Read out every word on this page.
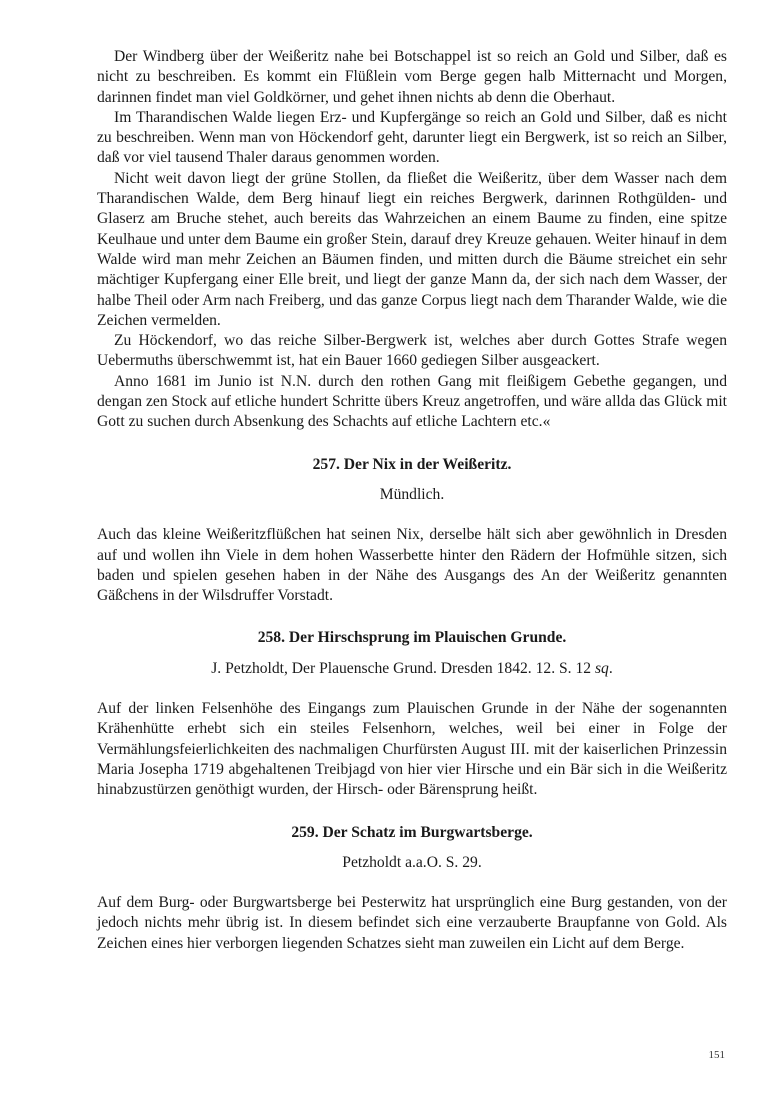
Der Windberg über der Weißeritz nahe bei Botschappel ist so reich an Gold und Silber, daß es nicht zu beschreiben. Es kommt ein Flüßlein vom Berge gegen halb Mitternacht und Morgen, darinnen findet man viel Goldkörner, und gehet ihnen nichts ab denn die Oberhaut.

Im Tharandischen Walde liegen Erz- und Kupfergänge so reich an Gold und Silber, daß es nicht zu beschreiben. Wenn man von Höckendorf geht, darunter liegt ein Bergwerk, ist so reich an Silber, daß vor viel tausend Thaler daraus genommen worden.

Nicht weit davon liegt der grüne Stollen, da fließet die Weißeritz, über dem Wasser nach dem Tharandischen Walde, dem Berg hinauf liegt ein reiches Bergwerk, darinnen Rothgülden- und Glaserz am Bruche stehet, auch bereits das Wahrzeichen an einem Baume zu finden, eine spitze Keulhaue und unter dem Baume ein großer Stein, darauf drey Kreuze gehauen. Weiter hinauf in dem Walde wird man mehr Zeichen an Bäumen finden, und mitten durch die Bäume streichet ein sehr mächtiger Kupfergang einer Elle breit, und liegt der ganze Mann da, der sich nach dem Wasser, der halbe Theil oder Arm nach Freiberg, und das ganze Corpus liegt nach dem Tharander Walde, wie die Zeichen vermelden.

Zu Höckendorf, wo das reiche Silber-Bergwerk ist, welches aber durch Gottes Strafe wegen Uebermuths überschwemmt ist, hat ein Bauer 1660 gediegen Silber ausgeackert.

Anno 1681 im Junio ist N.N. durch den rothen Gang mit fleißigem Gebethe gegangen, und dengan zen Stock auf etliche hundert Schritte übers Kreuz angetroffen, und wäre allda das Glück mit Gott zu suchen durch Absenkung des Schachts auf etliche Lachtern etc.«

257. Der Nix in der Weißeritz.

Mündlich.

Auch das kleine Weißeritzflüßchen hat seinen Nix, derselbe hält sich aber gewöhnlich in Dresden auf und wollen ihn Viele in dem hohen Wasserbette hinter den Rädern der Hofmühle sitzen, sich baden und spielen gesehen haben in der Nähe des Ausgangs des An der Weißeritz genannten Gäßchens in der Wilsdruffer Vorstadt.

258. Der Hirschsprung im Plauischen Grunde.

J. Petzholdt, Der Plauensche Grund. Dresden 1842. 12. S. 12 sq.

Auf der linken Felsenhöhe des Eingangs zum Plauischen Grunde in der Nähe der sogenannten Krähenhütte erhebt sich ein steiles Felsenhorn, welches, weil bei einer in Folge der Vermählungsfeierlichkeiten des nachmaligen Churfürsten August III. mit der kaiserlichen Prinzessin Maria Josepha 1719 abgehaltenen Treibjagd von hier vier Hirsche und ein Bär sich in die Weißeritz hinabzustürzen genöthigt wurden, der Hirsch- oder Bärensprung heißt.

259. Der Schatz im Burgwartsberge.

Petzholdt a.a.O. S. 29.

Auf dem Burg- oder Burgwartsberge bei Pesterwitz hat ursprünglich eine Burg gestanden, von der jedoch nichts mehr übrig ist. In diesem befindet sich eine verzauberte Braupfanne von Gold. Als Zeichen eines hier verborgen liegenden Schatzes sieht man zuweilen ein Licht auf dem Berge.

151
